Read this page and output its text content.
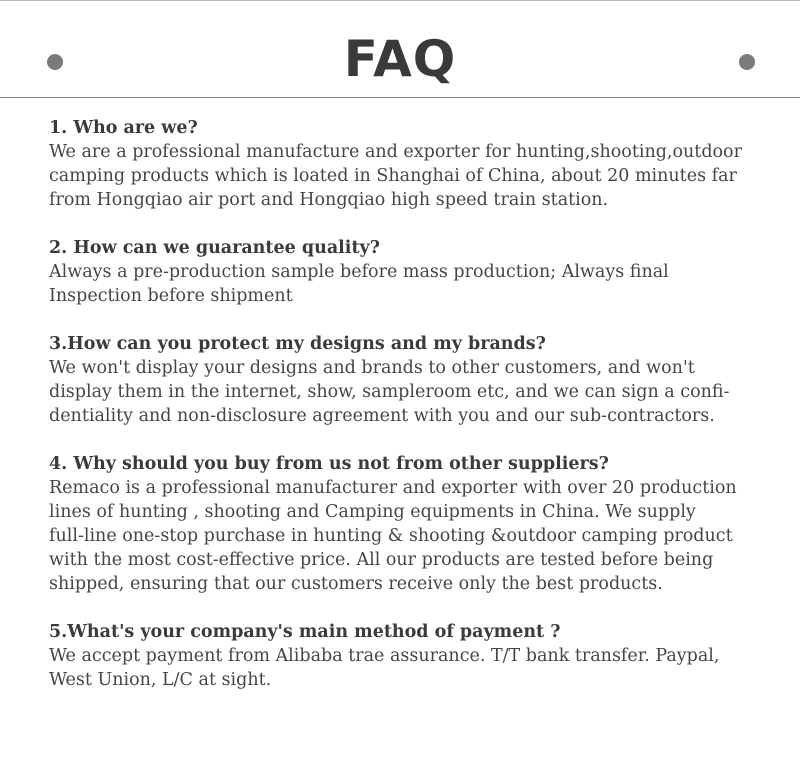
FAQ
1. Who are we?
We are a professional manufacture and exporter for hunting,shooting,outdoor
camping products which is loated in Shanghai of China, about 20 minutes far
from Hongqiao air port and Hongqiao high speed train station.
2. How can we guarantee quality?
Always a pre-production sample before mass production; Always final
Inspection before shipment
3.How can you protect my designs and my brands?
We won't display your designs and brands to other customers, and won't
display them in the internet, show, sampleroom etc, and we can sign a confi-
dentiality and non-disclosure agreement with you and our sub-contractors.
4. Why should you buy from us not from other suppliers?
Remaco is a professional manufacturer and exporter with over 20 production
lines of hunting , shooting and Camping equipments in China. We supply
full-line one-stop purchase in hunting & shooting &outdoor camping product
with the most cost-effective price. All our products are tested before being
shipped, ensuring that our customers receive only the best products.
5.What's your company's main method of payment ?
We accept payment from Alibaba trae assurance. T/T bank transfer. Paypal,
West Union, L/C at sight.
